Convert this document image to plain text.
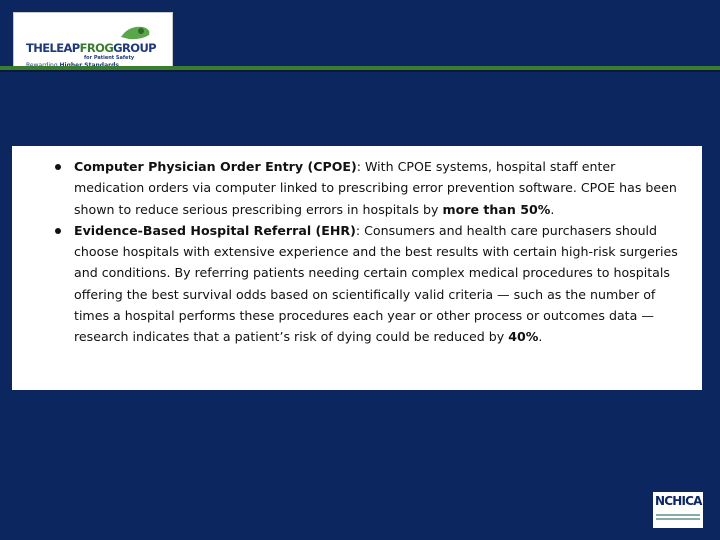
THELEAPFROGGROUP
for Patient Safety
Computer Physician Order Entry (CPOE): With CPOE systems, hospital staff enter medication orders via computer linked to prescribing error prevention software. CPOE has been shown to reduce serious prescribing errors in hospitals by more than 50%.
Evidence-Based Hospital Referral (EHR): Consumers and health care purchasers should choose hospitals with extensive experience and the best results with certain high-risk surgeries and conditions. By referring patients needing certain complex medical procedures to hospitals offering the best survival odds based on scientifically valid criteria — such as the number of times a hospital performs these procedures each year or other process or outcomes data — research indicates that a patient’s risk of dying could be reduced by 40%.
NCHICA
